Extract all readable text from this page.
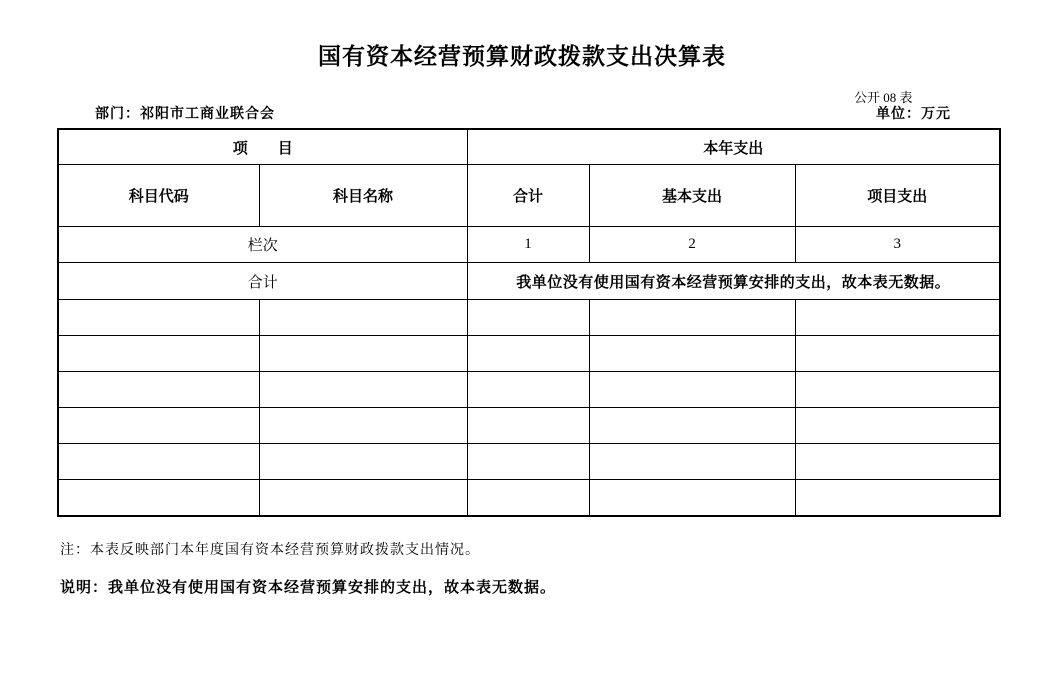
国有资本经营预算财政拨款支出决算表
公开 08 表
部门：祁阳市工商业联合会	单位：万元
项　　目		本年支出		
科目代码	科目名称	合计	基本支出	项目支出
栏次		1	2	3
合计		我单位没有使用国有资本经营预算安排的支出，故本表无数据。		

注：本表反映部门本年度国有资本经营预算财政拨款支出情况。
说明：我单位没有使用国有资本经营预算安排的支出，故本表无数据。
